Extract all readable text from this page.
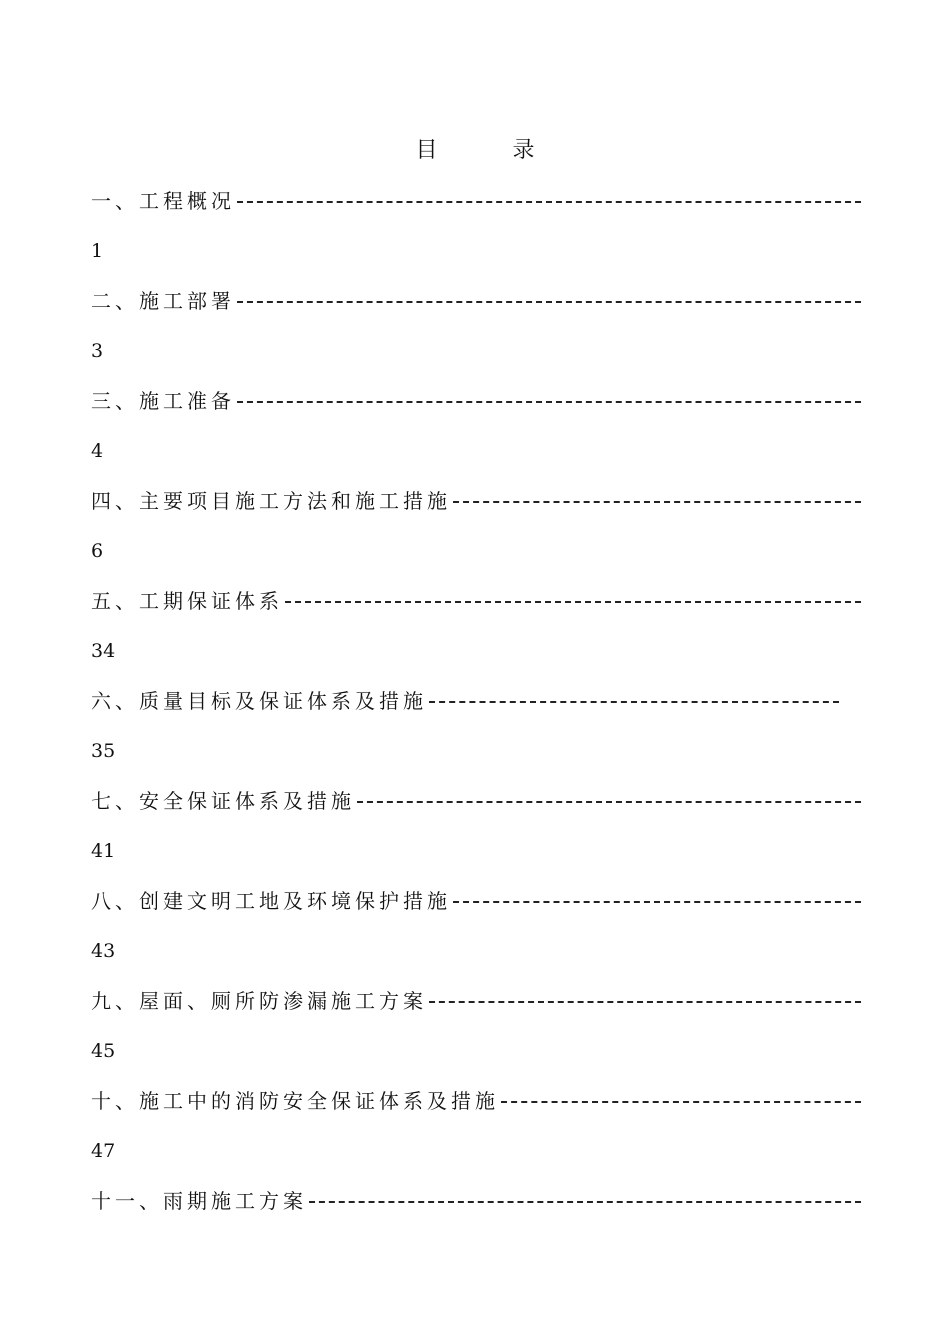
目 录
一、工程概况
1
二、施工部署
3
三、施工准备
4
四、主要项目施工方法和施工措施
6
五、工期保证体系
34
六、质量目标及保证体系及措施
35
七、安全保证体系及措施
41
八、创建文明工地及环境保护措施
43
九、屋面、厕所防渗漏施工方案
45
十、施工中的消防安全保证体系及措施
47
十一、雨期施工方案
